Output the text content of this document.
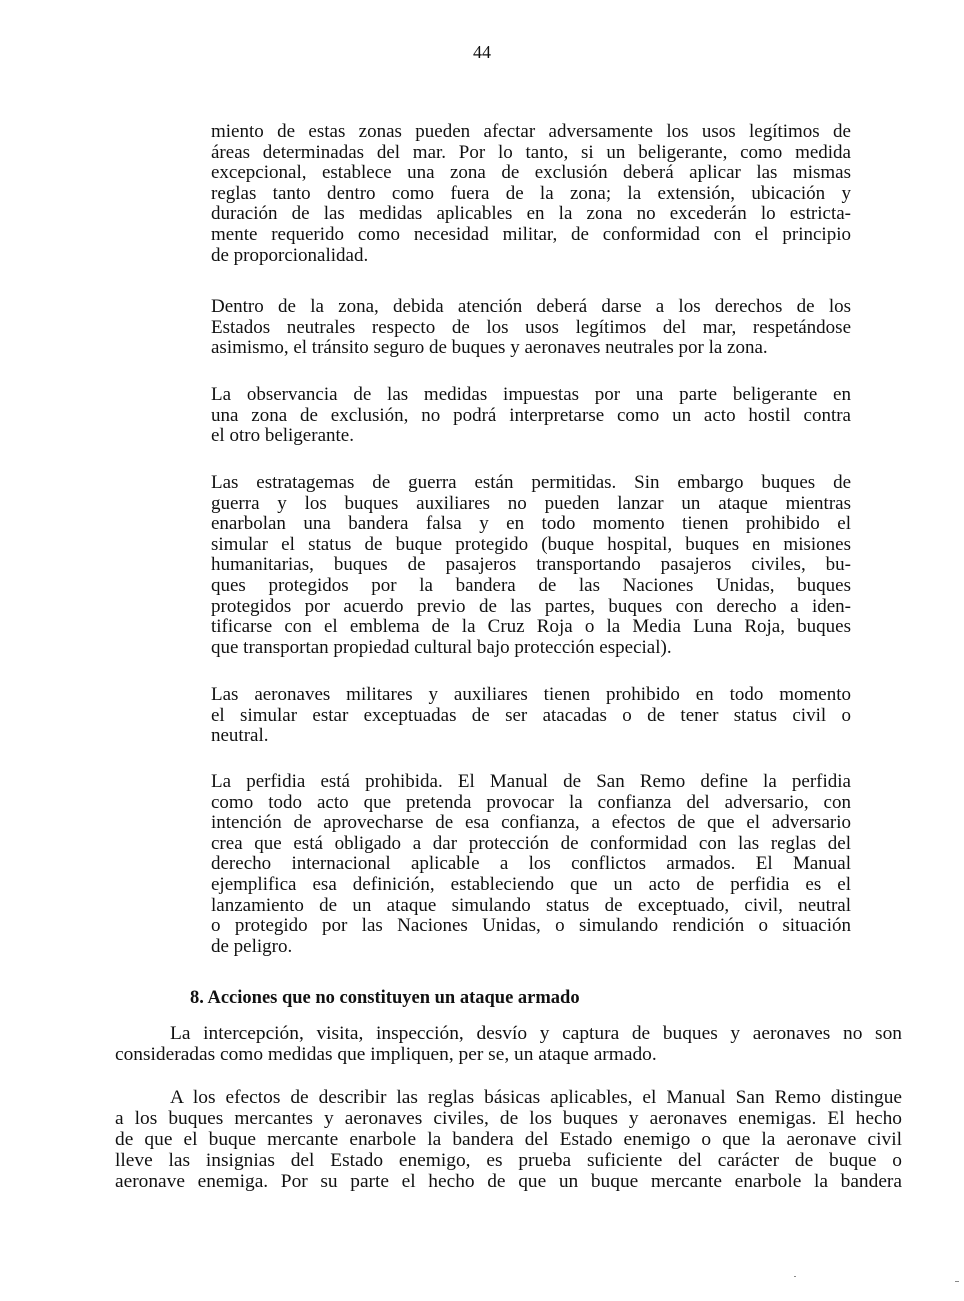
44
miento de estas zonas pueden afectar adversamente los usos legítimos de
áreas determinadas del mar. Por lo tanto, si un beligerante, como medida
excepcional, establece una zona de exclusión deberá aplicar las mismas
reglas tanto dentro como fuera de la zona; la extensión, ubicación y
duración de las medidas aplicables en la zona no excederán lo estricta-
mente requerido como necesidad militar, de conformidad con el principio
de proporcionalidad.
Dentro de la zona, debida atención deberá darse a los derechos de los
Estados neutrales respecto de los usos legítimos del mar, respetándose
asimismo, el tránsito seguro de buques y aeronaves neutrales por la zona.
La observancia de las medidas impuestas por una parte beligerante en
una zona de exclusión, no podrá interpretarse como un acto hostil contra
el otro beligerante.
Las estratagemas de guerra están permitidas. Sin embargo buques de
guerra y los buques auxiliares no pueden lanzar un ataque mientras
enarbolan una bandera falsa y en todo momento tienen prohibido el
simular el status de buque protegido (buque hospital, buques en misiones
humanitarias, buques de pasajeros transportando pasajeros civiles, bu-
ques protegidos por la bandera de las Naciones Unidas, buques
protegidos por acuerdo previo de las partes, buques con derecho a iden-
tificarse con el emblema de la Cruz Roja o la Media Luna Roja, buques
que transportan propiedad cultural bajo protección especial).
Las aeronaves militares y auxiliares tienen prohibido en todo momento
el simular estar exceptuadas de ser atacadas o de tener status civil o
neutral.
La perfidia está prohibida. El Manual de San Remo define la perfidia
como todo acto que pretenda provocar la confianza del adversario, con
intención de aprovecharse de esa confianza, a efectos de que el adversario
crea que está obligado a dar protección de conformidad con las reglas del
derecho internacional aplicable a los conflictos armados. El Manual
ejemplifica esa definición, estableciendo que un acto de perfidia es el
lanzamiento de un ataque simulando status de exceptuado, civil, neutral
o protegido por las Naciones Unidas, o simulando rendición o situación
de peligro.
8. Acciones que no constituyen un ataque armado
La intercepción, visita, inspección, desvío y captura de buques y aeronaves no son
consideradas como medidas que impliquen, per se, un ataque armado.
A los efectos de describir las reglas básicas aplicables, el Manual San Remo distingue
a los buques mercantes y aeronaves civiles, de los buques y aeronaves enemigas. El hecho
de que el buque mercante enarbole la bandera del Estado enemigo o que la aeronave civil
lleve las insignias del Estado enemigo, es prueba suficiente del carácter de buque o
aeronave enemiga. Por su parte el hecho de que un buque mercante enarbole la bandera
